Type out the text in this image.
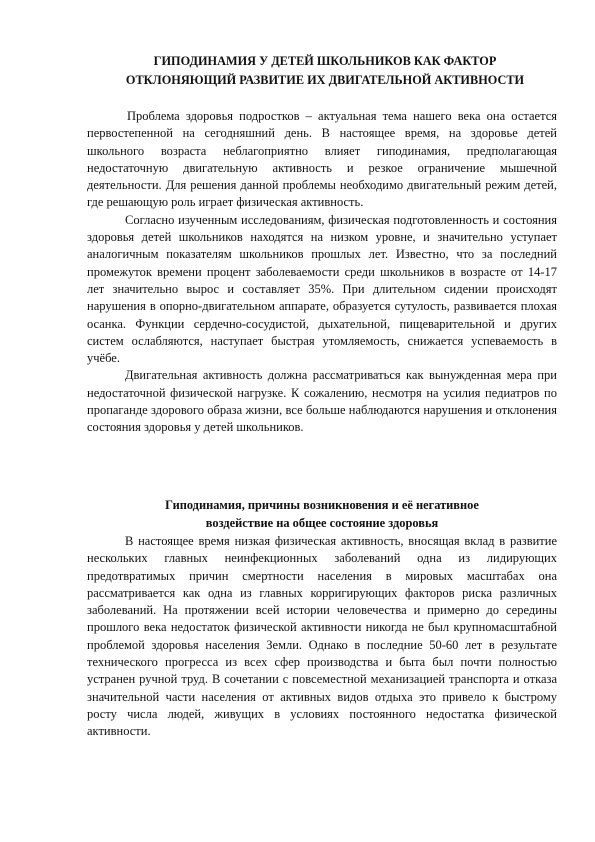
ГИПОДИНАМИЯ У ДЕТЕЙ ШКОЛЬНИКОВ КАК ФАКТОР
ОТКЛОНЯЮЩИЙ РАЗВИТИЕ ИХ ДВИГАТЕЛЬНОЙ АКТИВНОСТИ

Проблема здоровья подростков – актуальная тема нашего века она остается первостепенной на сегодняшний день. В настоящее время, на здоровье детей школьного возраста неблагоприятно влияет гиподинамия, предполагающая недостаточную двигательную активность и резкое ограничение мышечной деятельности. Для решения данной проблемы необходимо двигательный режим детей, где решающую роль играет физическая активность.

Согласно изученным исследованиям, физическая подготовленность и состояния здоровья детей школьников находятся на низком уровне, и значительно уступает аналогичным показателям школьников прошлых лет. Известно, что за последний промежуток времени процент заболеваемости среди школьников в возрасте от 14-17 лет значительно вырос и составляет 35%. При длительном сидении происходят нарушения в опорно-двигательном аппарате, образуется сутулость, развивается плохая осанка. Функции сердечно-сосудистой, дыхательной, пищеварительной и других систем ослабляются, наступает быстрая утомляемость, снижается успеваемость в учёбе.

Двигательная активность должна рассматриваться как вынужденная мера при недостаточной физической нагрузке. К сожалению, несмотря на усилия педиатров по пропаганде здорового образа жизни, все больше наблюдаются нарушения и отклонения состояния здоровья у детей школьников.

Гиподинамия, причины возникновения и её негативное
воздействие на общее состояние здоровья

В настоящее время низкая физическая активность, вносящая вклад в развитие нескольких главных неинфекционных заболеваний одна из лидирующих предотвратимых причин смертности населения в мировых масштабах она рассматривается как одна из главных корригирующих факторов риска различных заболеваний. На протяжении всей истории человечества и примерно до середины прошлого века недостаток физической активности никогда не был крупномасштабной проблемой здоровья населения Земли. Однако в последние 50-60 лет в результате технического прогресса из всех сфер производства и быта был почти полностью устранен ручной труд. В сочетании с повсеместной механизацией транспорта и отказа значительной части населения от активных видов отдыха это привело к быстрому росту числа людей, живущих в условиях постоянного недостатка физической активности.
